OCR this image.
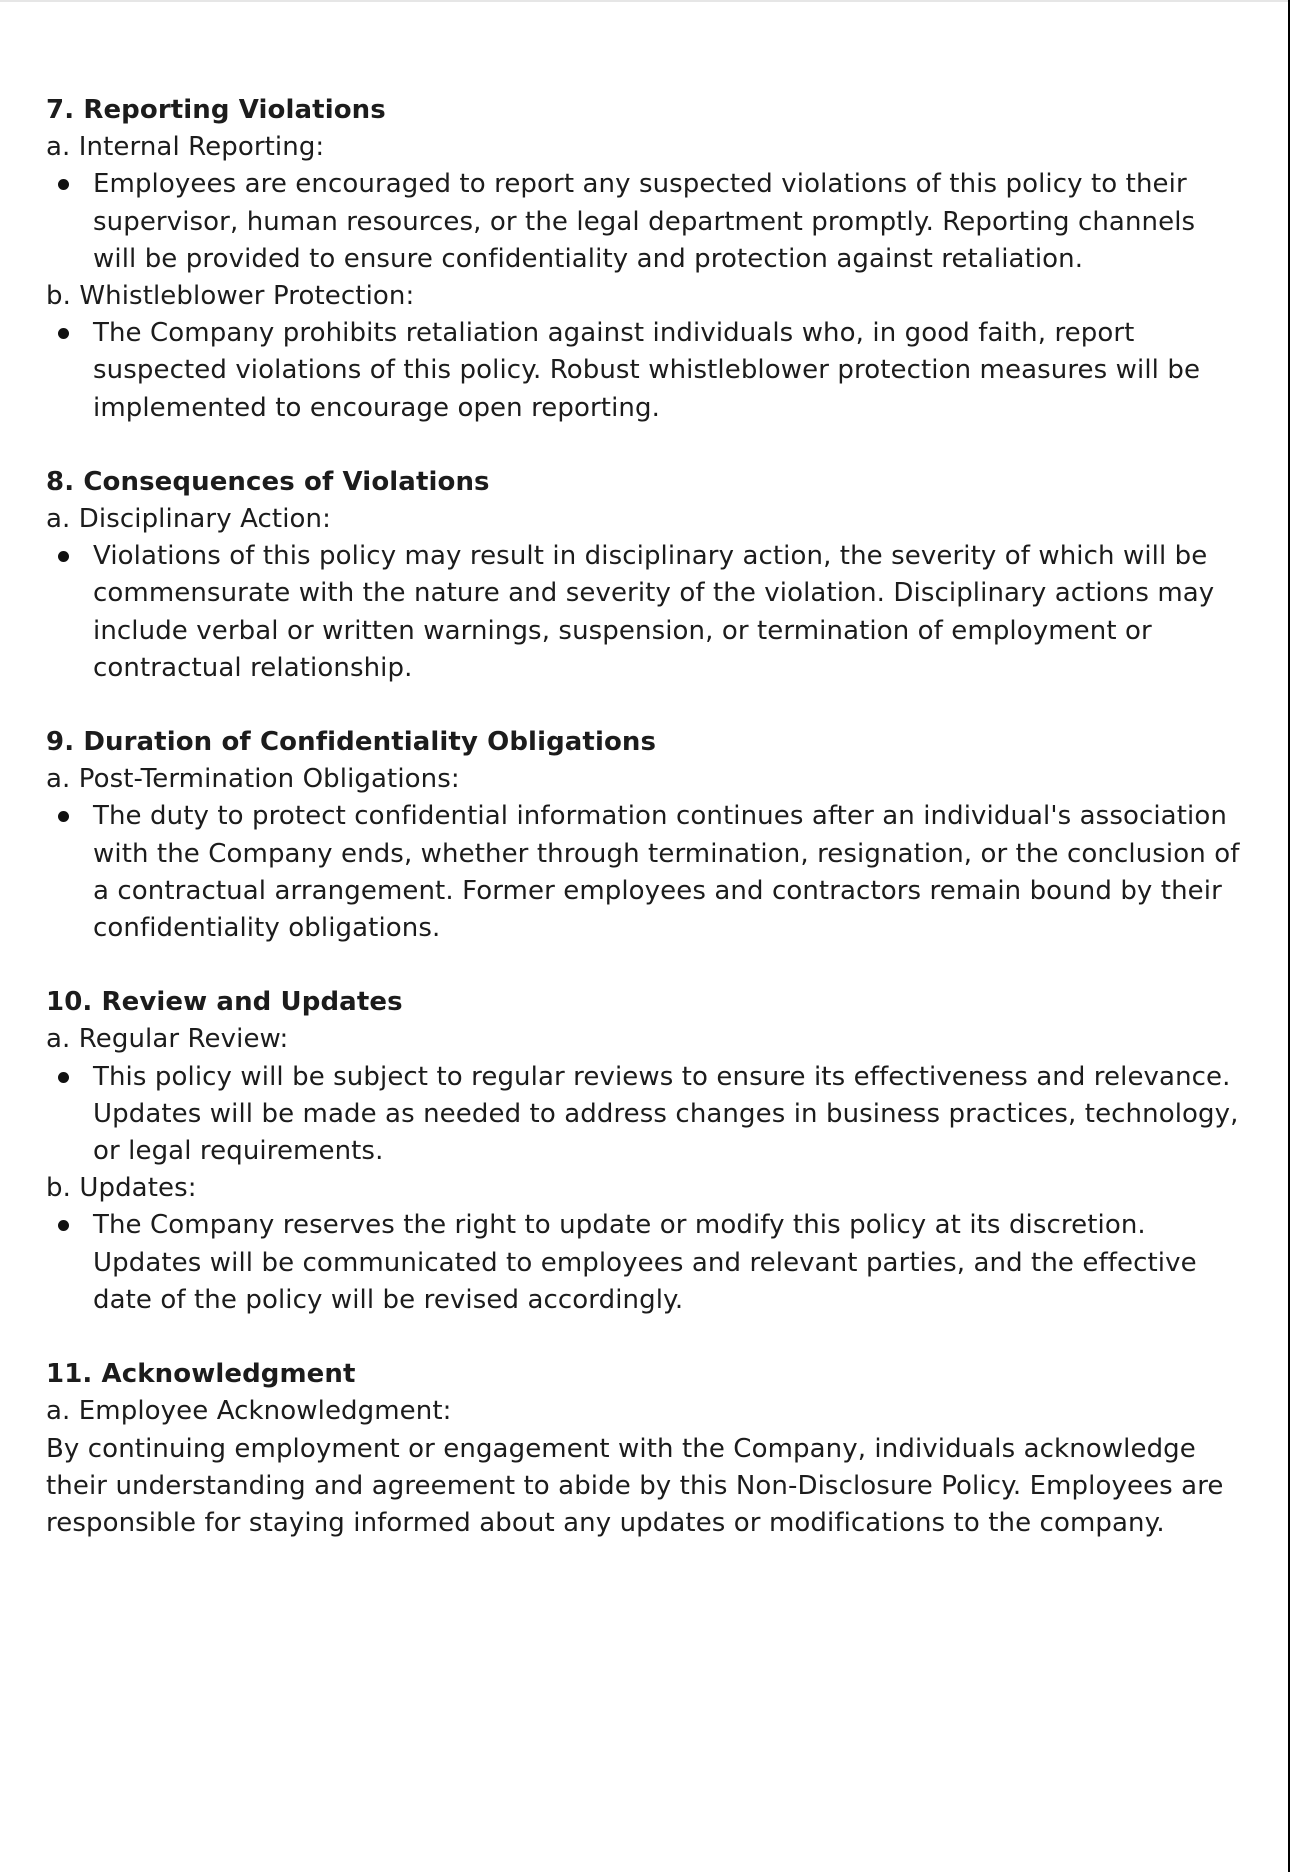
7. Reporting Violations

a. Internal Reporting:

Employees are encouraged to report any suspected violations of this policy to their supervisor, human resources, or the legal department promptly. Reporting channels will be provided to ensure confidentiality and protection against retaliation.

b. Whistleblower Protection:

The Company prohibits retaliation against individuals who, in good faith, report suspected violations of this policy. Robust whistleblower protection measures will be implemented to encourage open reporting.

8. Consequences of Violations

a. Disciplinary Action:

Violations of this policy may result in disciplinary action, the severity of which will be commensurate with the nature and severity of the violation. Disciplinary actions may include verbal or written warnings, suspension, or termination of employment or contractual relationship.

9. Duration of Confidentiality Obligations

a. Post-Termination Obligations:

The duty to protect confidential information continues after an individual's association with the Company ends, whether through termination, resignation, or the conclusion of a contractual arrangement. Former employees and contractors remain bound by their confidentiality obligations.

10. Review and Updates

a. Regular Review:

This policy will be subject to regular reviews to ensure its effectiveness and relevance. Updates will be made as needed to address changes in business practices, technology, or legal requirements.

b. Updates:

The Company reserves the right to update or modify this policy at its discretion. Updates will be communicated to employees and relevant parties, and the effective date of the policy will be revised accordingly.

11. Acknowledgment

a. Employee Acknowledgment:

By continuing employment or engagement with the Company, individuals acknowledge their understanding and agreement to abide by this Non-Disclosure Policy. Employees are responsible for staying informed about any updates or modifications to the company.
